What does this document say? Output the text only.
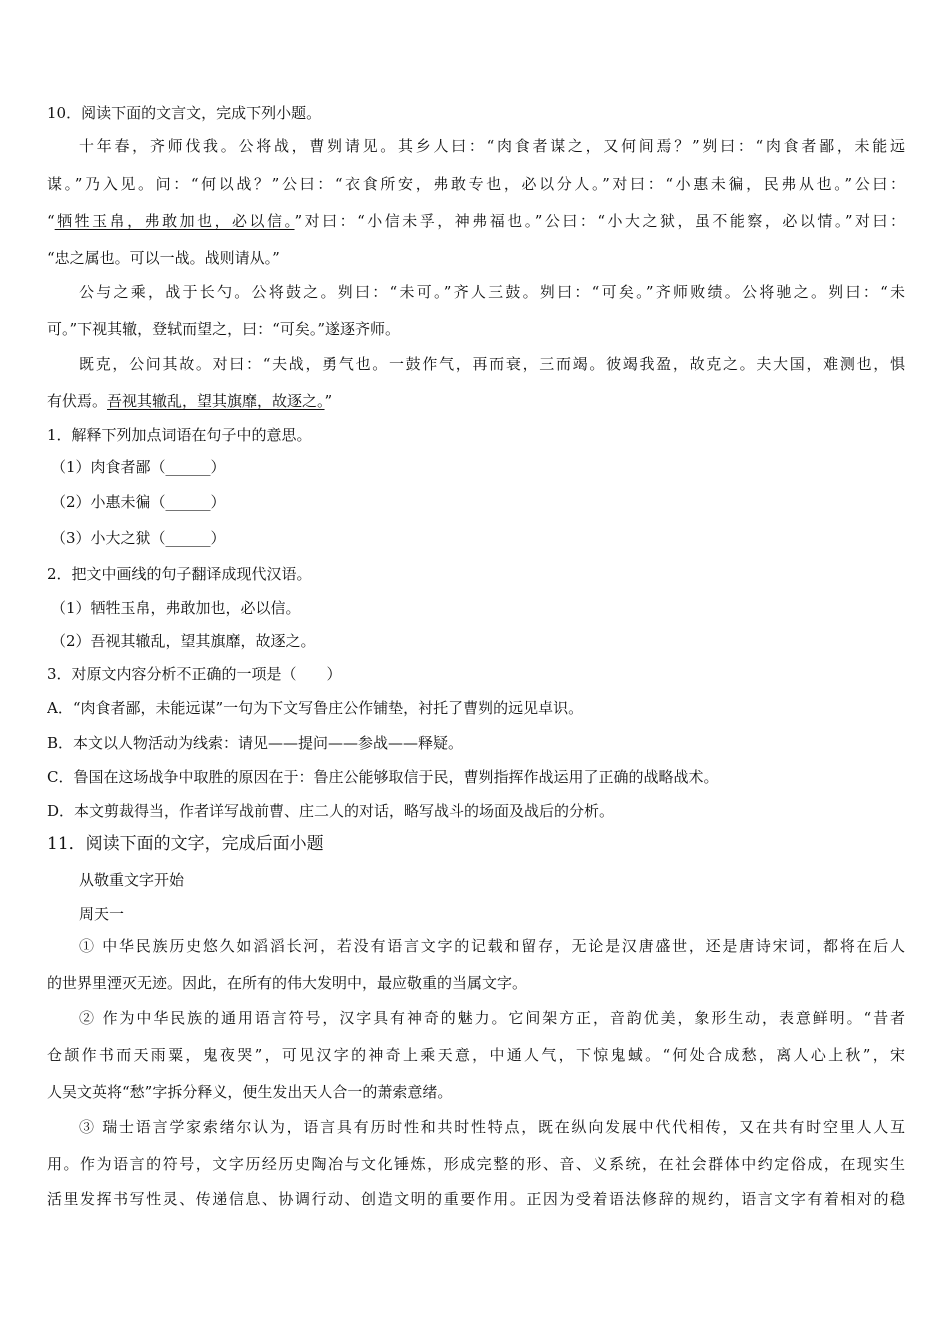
10．阅读下面的文言文，完成下列小题。
十年春，齐师伐我。公将战，曹刿请见。其乡人曰：“肉食者谋之，又何间焉？”刿曰：“肉食者鄙，未能远
谋。”乃入见。问：“何以战？”公曰：“衣食所安，弗敢专也，必以分人。”对曰：“小惠未徧，民弗从也。”公曰：
“牺牲玉帛，弗敢加也，必以信。”对曰：“小信未孚，神弗福也。”公曰：“小大之狱，虽不能察，必以情。”对曰：
“忠之属也。可以一战。战则请从。”
公与之乘，战于长勺。公将鼓之。刿曰：“未可。”齐人三鼓。刿曰：“可矣。”齐师败绩。公将驰之。刿曰：“未
可。”下视其辙，登轼而望之，曰：“可矣。”遂逐齐师。
既克，公问其故。对曰：“夫战，勇气也。一鼓作气，再而衰，三而竭。彼竭我盈，故克之。夫大国，难测也，惧
有伏焉。吾视其辙乱，望其旗靡，故逐之。”
1．解释下列加点词语在句子中的意思。
（1）肉食者鄙（______）
（2）小惠未徧（______）
（3）小大之狱（______）
2．把文中画线的句子翻译成现代汉语。
（1）牺牲玉帛，弗敢加也，必以信。
（2）吾视其辙乱，望其旗靡，故逐之。
3．对原文内容分析不正确的一项是（　　）
A．“肉食者鄙，未能远谋”一句为下文写鲁庄公作铺垫，衬托了曹刿的远见卓识。
B．本文以人物活动为线索：请见——提问——参战——释疑。
C．鲁国在这场战争中取胜的原因在于：鲁庄公能够取信于民，曹刿指挥作战运用了正确的战略战术。
D．本文剪裁得当，作者详写战前曹、庄二人的对话，略写战斗的场面及战后的分析。
11．阅读下面的文字，完成后面小题
从敬重文字开始
周天一
① 中华民族历史悠久如滔滔长河，若没有语言文字的记载和留存，无论是汉唐盛世，还是唐诗宋词，都将在后人
的世界里湮灭无迹。因此，在所有的伟大发明中，最应敬重的当属文字。
② 作为中华民族的通用语言符号，汉字具有神奇的魅力。它间架方正，音韵优美，象形生动，表意鲜明。“昔者
仓颉作书而天雨粟，鬼夜哭”，可见汉字的神奇上乘天意，中通人气，下惊鬼蜮。“何处合成愁，离人心上秋”，宋
人吴文英将“愁”字拆分释义，便生发出天人合一的萧索意绪。
③ 瑞士语言学家索绪尔认为，语言具有历时性和共时性特点，既在纵向发展中代代相传，又在共有时空里人人互
用。作为语言的符号，文字历经历史陶冶与文化锤炼，形成完整的形、音、义系统，在社会群体中约定俗成，在现实生
活里发挥书写性灵、传递信息、协调行动、创造文明的重要作用。正因为受着语法修辞的规约，语言文字有着相对的稳
